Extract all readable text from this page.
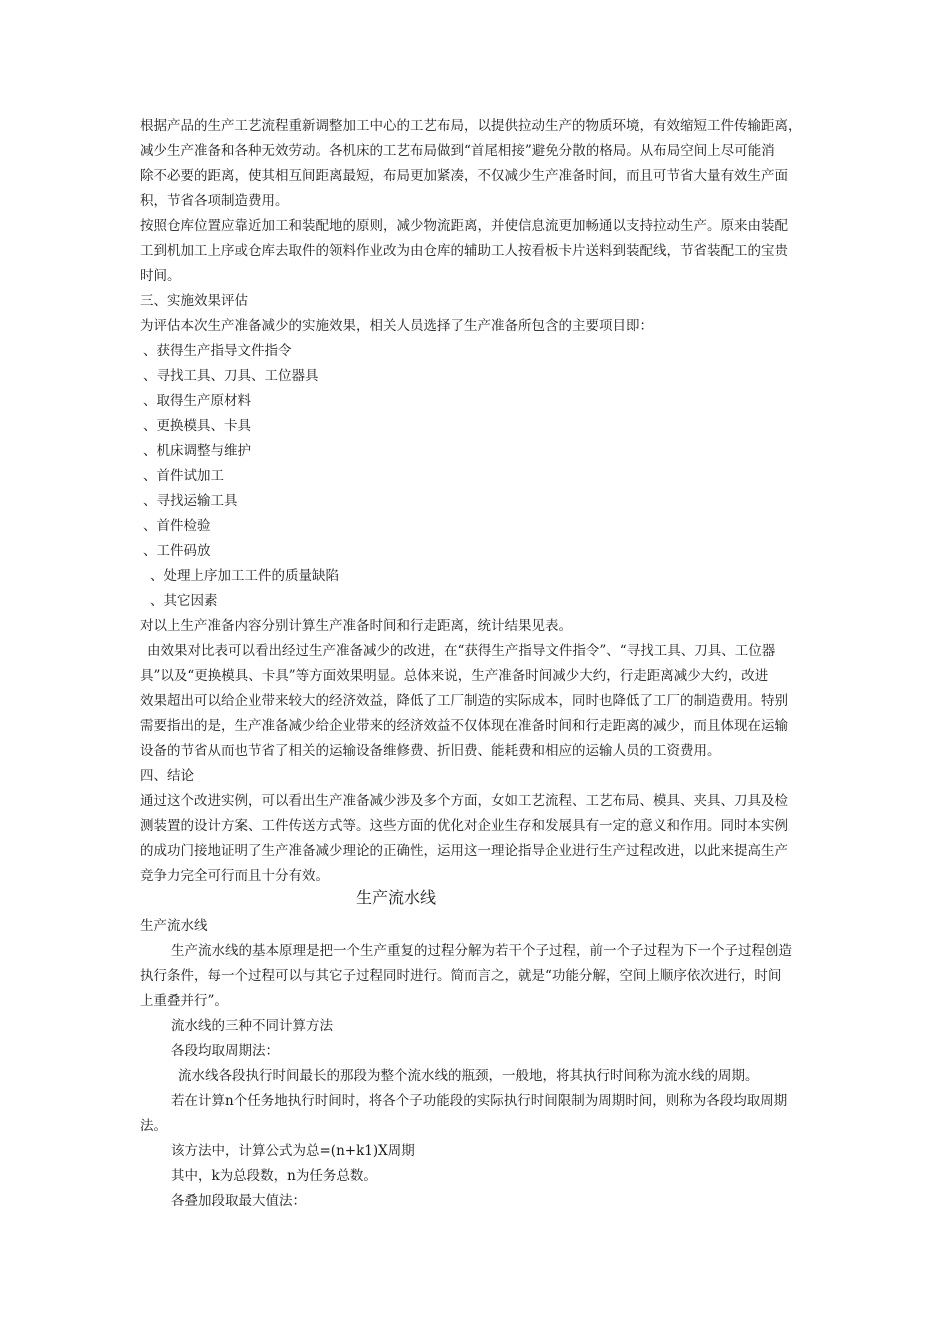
根据产品的生产工艺流程重新调整加工中心的工艺布局，以提供拉动生产的物质环境，有效缩短工件传输距离，
减少生产准备和各种无效劳动。各机床的工艺布局做到“首尾相接”避免分散的格局。从布局空间上尽可能消
除不必要的距离，使其相互间距离最短，布局更加紧凑，不仅减少生产准备时间，而且可节省大量有效生产面
积，节省各项制造费用。
按照仓库位置应靠近加工和装配地的原则，减少物流距离，并使信息流更加畅通以支持拉动生产。原来由装配
工到机加工上序或仓库去取件的领料作业改为由仓库的辅助工人按看板卡片送料到装配线，节省装配工的宝贵
时间。
三、实施效果评估
为评估本次生产准备减少的实施效果，相关人员选择了生产准备所包含的主要项目即：
、获得生产指导文件指令
、寻找工具、刀具、工位器具
、取得生产原材料
、更换模具、卡具
、机床调整与维护
、首件试加工
、寻找运输工具
、首件检验
、工件码放
、处理上序加工工件的质量缺陷
、其它因素
对以上生产准备内容分别计算生产准备时间和行走距离，统计结果见表。
由效果对比表可以看出经过生产准备减少的改进，在“获得生产指导文件指令”、“寻找工具、刀具、工位器
具”以及“更换模具、卡具”等方面效果明显。总体来说，生产准备时间减少大约，行走距离减少大约，改进
效果超出可以给企业带来较大的经济效益，降低了工厂制造的实际成本，同时也降低了工厂的制造费用。特别
需要指出的是，生产准备减少给企业带来的经济效益不仅体现在准备时间和行走距离的减少，而且体现在运输
设备的节省从而也节省了相关的运输设备维修费、折旧费、能耗费和相应的运输人员的工资费用。
四、结论
通过这个改进实例，可以看出生产准备减少涉及多个方面，女如工艺流程、工艺布局、模具、夹具、刀具及检
测装置的设计方案、工件传送方式等。这些方面的优化对企业生存和发展具有一定的意义和作用。同时本实例
的成功门接地证明了生产准备减少理论的正确性，运用这一理论指导企业进行生产过程改进，以此来提高生产
竞争力完全可行而且十分有效。
生产流水线
生产流水线
生产流水线的基本原理是把一个生产重复的过程分解为若干个子过程，前一个子过程为下一个子过程创造
执行条件，每一个过程可以与其它子过程同时进行。简而言之，就是“功能分解，空间上顺序依次进行，时间
上重叠并行”。
流水线的三种不同计算方法
各段均取周期法：
流水线各段执行时间最长的那段为整个流水线的瓶颈，一般地，将其执行时间称为流水线的周期。
若在计算n个任务地执行时间时，将各个子功能段的实际执行时间限制为周期时间，则称为各段均取周期
法。
该方法中，计算公式为总=(n+k1)X周期
其中，k为总段数，n为任务总数。
各叠加段取最大值法：
